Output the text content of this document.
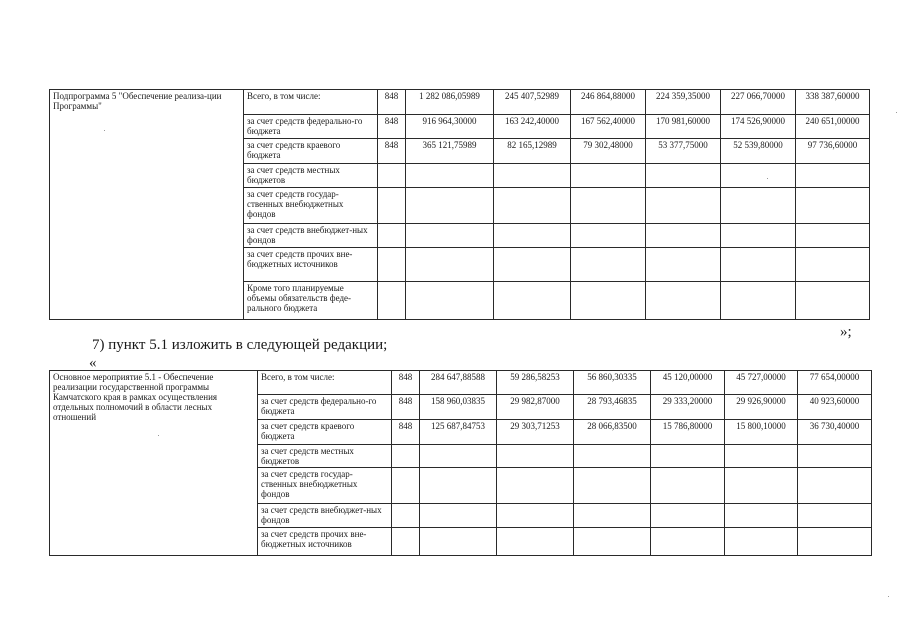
Подпрограмма 5 "Обеспечение реализа-ции Программы"	Всего, в том числе:	848	1 282 086,05989	245 407,52989	246 864,88000	224 359,35000	227 066,70000	338 387,60000
	за счет средств федерально-го бюджета	848	916 964,30000	163 242,40000	167 562,40000	170 981,60000	174 526,90000	240 651,00000
	за счет средств краевого бюджета	848	365 121,75989	82 165,12989	79 302,48000	53 377,75000	52 539,80000	97 736,60000
	за счет средств местных бюджетов							
	за счет средств государ-ственных внебюджетных фондов							
	за счет средств внебюджет-ных фондов							
	за счет средств прочих вне-бюджетных источников							
	Кроме того планируемые объемы обязательств феде-рального бюджета							
»;
7) пункт 5.1 изложить в следующей редакции;
«
Основное мероприятие 5.1 - Обеспечение реализации государственной программы Камчатского края в рамках осуществления отдельных полномочий в области лесных отношений	Всего, в том числе:	848	284 647,88588	59 286,58253	56 860,30335	45 120,00000	45 727,00000	77 654,00000
	за счет средств федерально-го бюджета	848	158 960,03835	29 982,87000	28 793,46835	29 333,20000	29 926,90000	40 923,60000
	за счет средств краевого бюджета	848	125 687,84753	29 303,71253	28 066,83500	15 786,80000	15 800,10000	36 730,40000
	за счет средств местных бюджетов							
	за счет средств государ-ственных внебюджетных фондов							
	за счет средств внебюджет-ных фондов							
	за счет средств прочих вне-бюджетных источников							
